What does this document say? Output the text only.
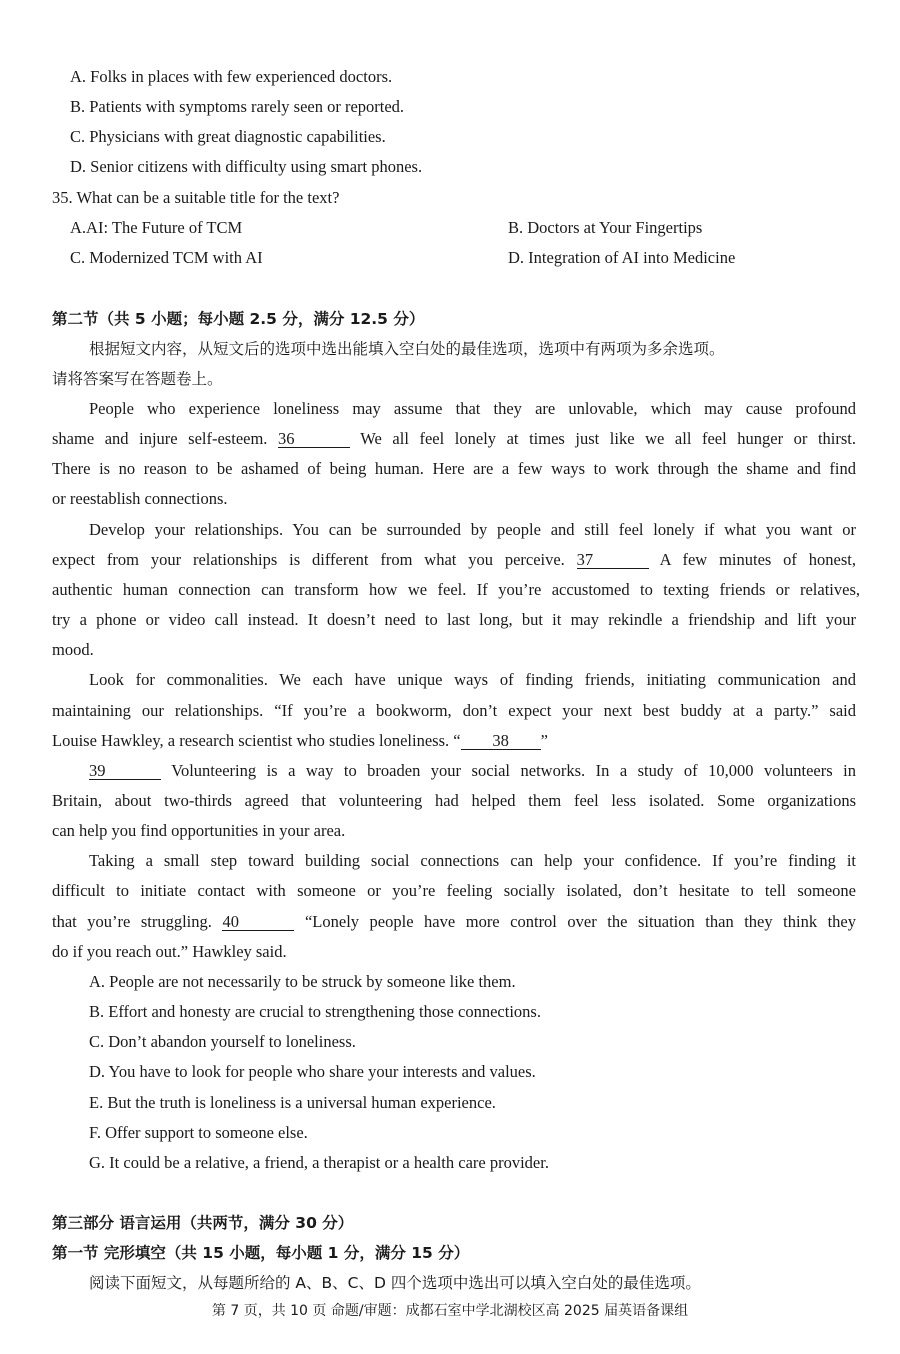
A. Folks in places with few experienced doctors.
B. Patients with symptoms rarely seen or reported.
C. Physicians with great diagnostic capabilities.
D. Senior citizens with difficulty using smart phones.
35. What can be a suitable title for the text?
A.AI: The Future of TCM	B. Doctors at Your Fingertips
C. Modernized TCM with AI	D. Integration of AI into Medicine
第二节（共 5 小题；每小题 2.5 分，满分 12.5 分）
根据短文内容，从短文后的选项中选出能填入空白处的最佳选项，选项中有两项为多余选项。
请将答案写在答题卷上。
People who experience loneliness may assume that they are unlovable, which may cause profound
shame and injure self-esteem. 36	We all feel lonely at times just like we all feel hunger or thirst.
There is no reason to be ashamed of being human. Here are a few ways to work through the shame and find
or reestablish connections.
Develop your relationships. You can be surrounded by people and still feel lonely if what you want or
expect from your relationships is different from what you perceive. 37	A few minutes of honest,
authentic human connection can transform how we feel. If you’re accustomed to texting friends or relatives,
try a phone or video call instead. It doesn’t need to last long, but it may rekindle a friendship and lift your
mood.
Look for commonalities. We each have unique ways of finding friends, initiating communication and
maintaining our relationships. “If you’re a bookworm, don’t expect your next best buddy at a party.” said
Louise Hawkley, a research scientist who studies loneliness. “ 38 ”
39	Volunteering is a way to broaden your social networks. In a study of 10,000 volunteers in
Britain, about two-thirds agreed that volunteering had helped them feel less isolated. Some organizations
can help you find opportunities in your area.
Taking a small step toward building social connections can help your confidence. If you’re finding it
difficult to initiate contact with someone or you’re feeling socially isolated, don’t hesitate to tell someone
that you’re struggling. 40	“Lonely people have more control over the situation than they think they
do if you reach out.” Hawkley said.
A. People are not necessarily to be struck by someone like them.
B. Effort and honesty are crucial to strengthening those connections.
C. Don’t abandon yourself to loneliness.
D. You have to look for people who share your interests and values.
E. But the truth is loneliness is a universal human experience.
F. Offer support to someone else.
G. It could be a relative, a friend, a therapist or a health care provider.
第三部分 语言运用（共两节，满分 30 分）
第一节 完形填空（共 15 小题，每小题 1 分，满分 15 分）
阅读下面短文，从每题所给的 A、B、C、D 四个选项中选出可以填入空白处的最佳选项。
第 7 页，共 10 页 命题/审题：成都石室中学北湖校区高 2025 届英语备课组
